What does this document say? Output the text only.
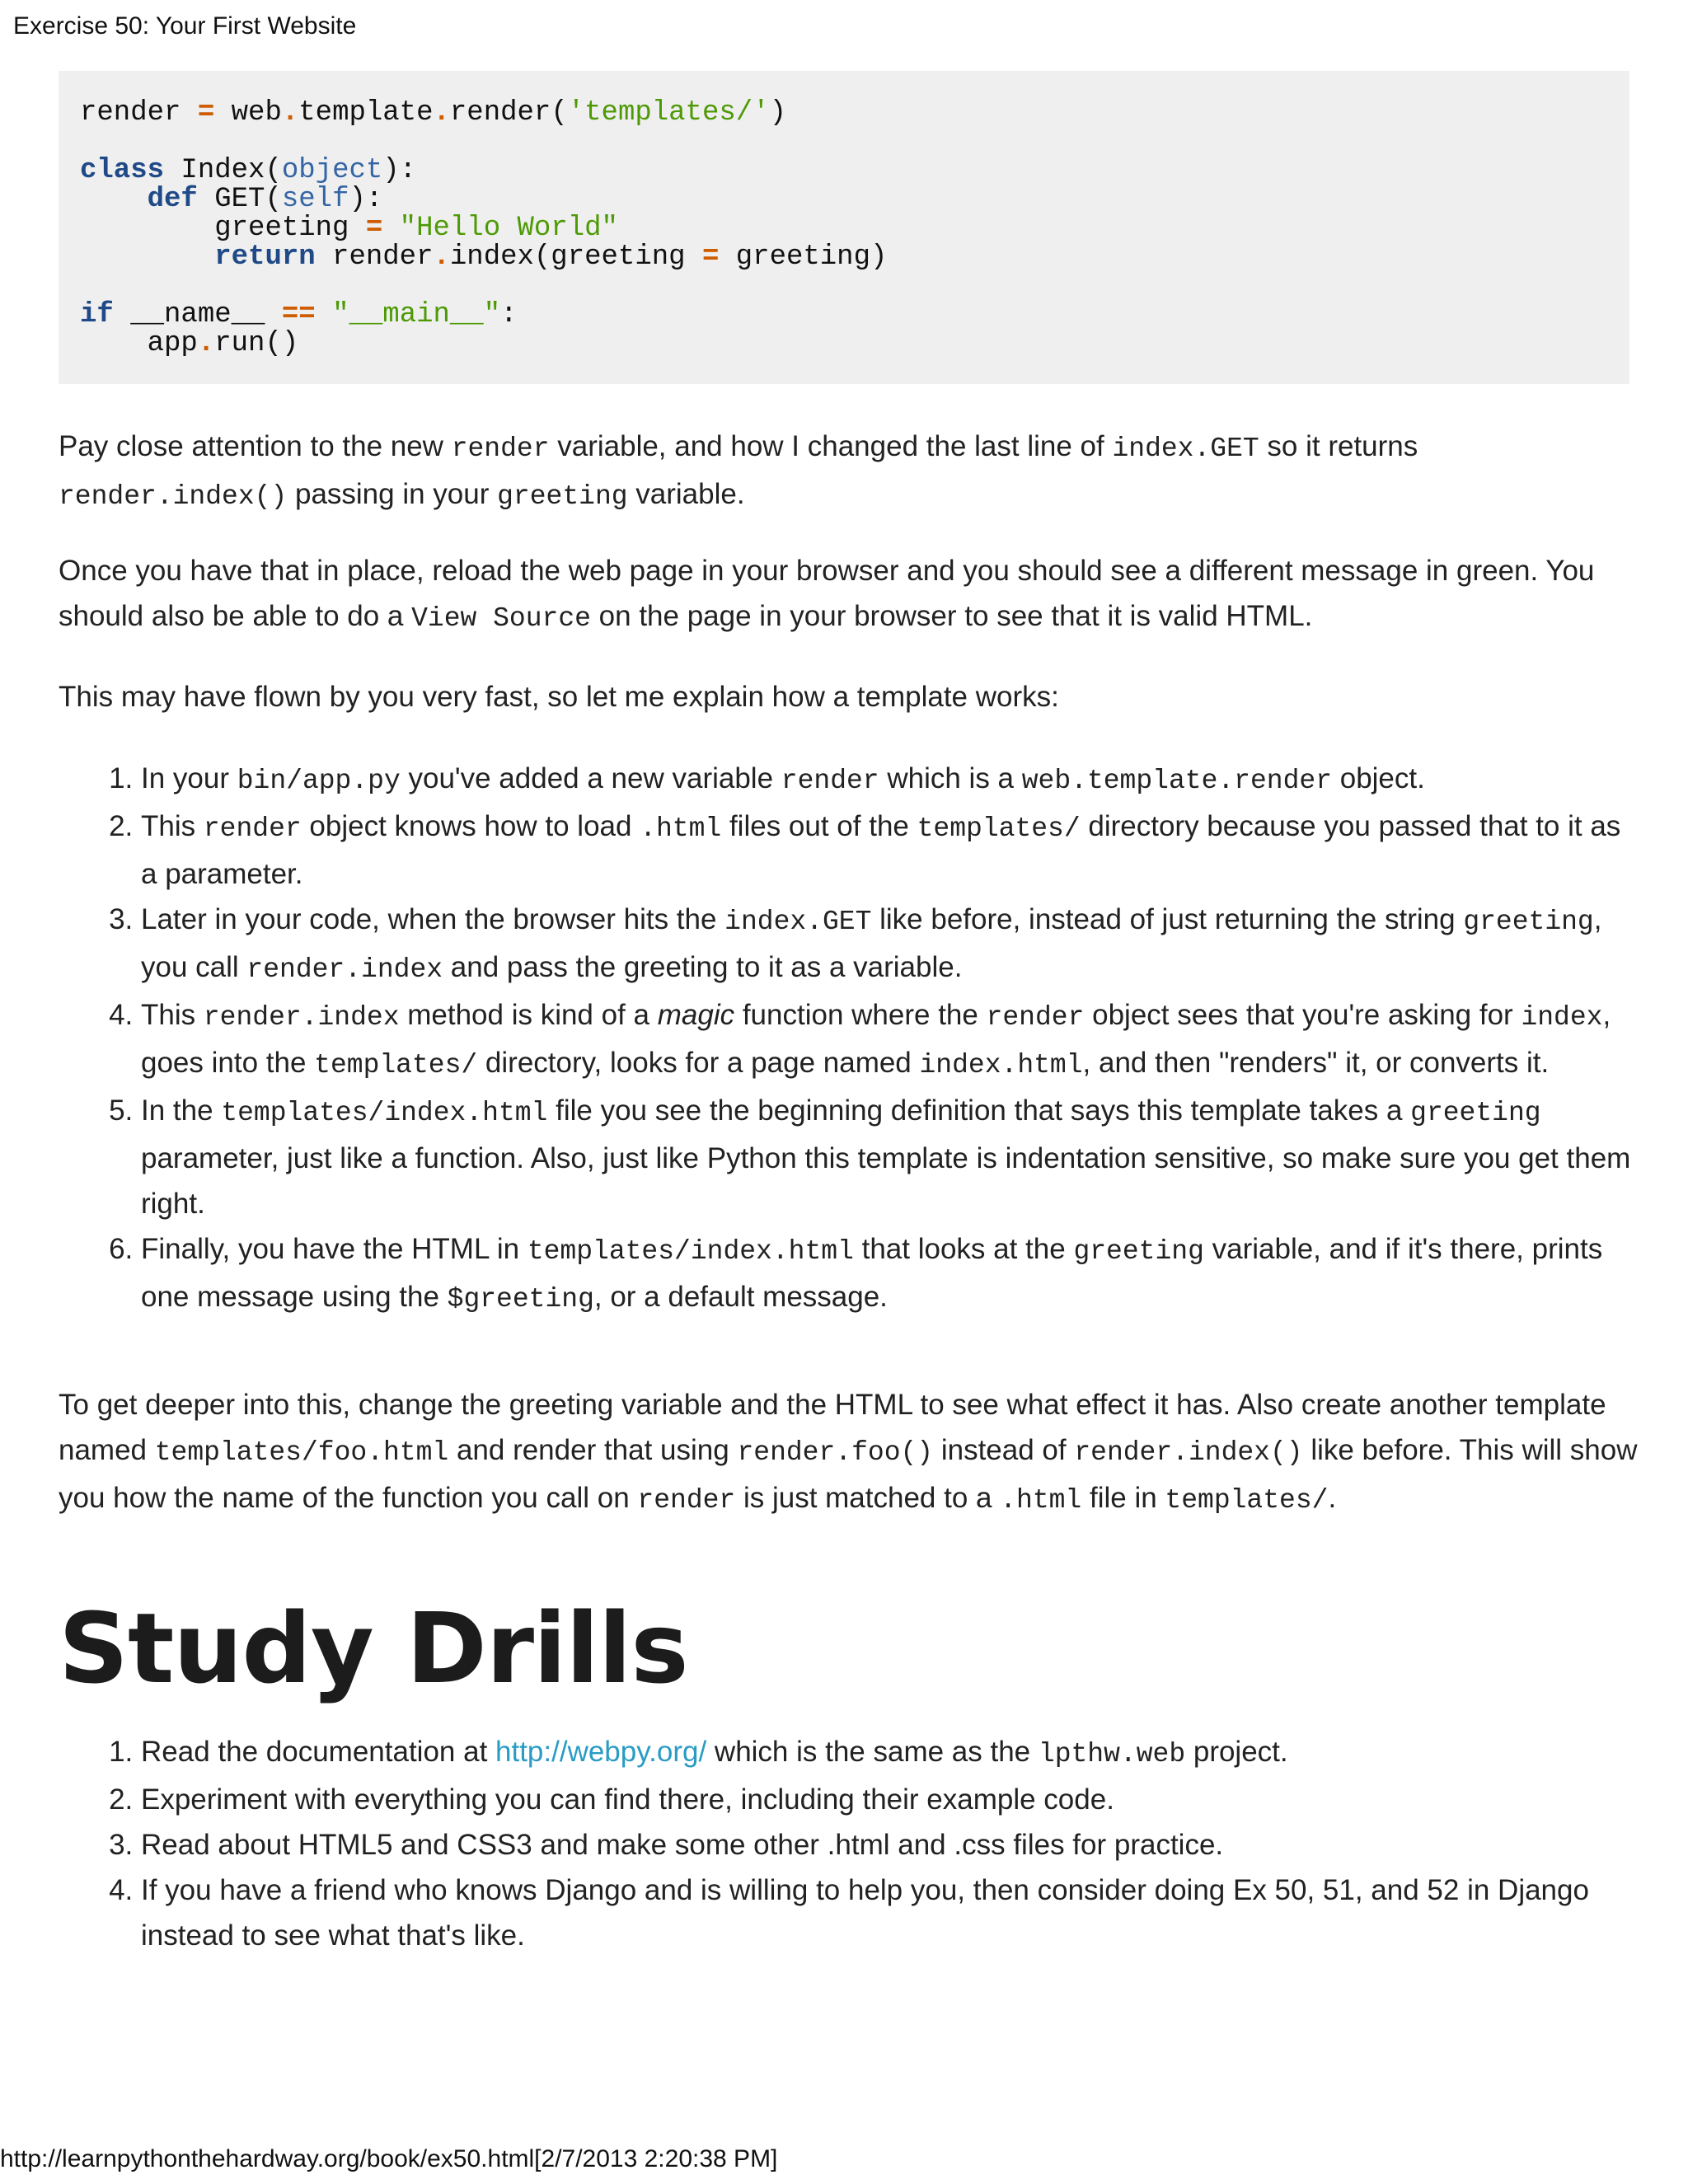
Exercise 50: Your First Website
render = web.template.render('templates/')
class Index(object):
def GET(self):
greeting = "Hello World"
return render.index(greeting = greeting)
if __name__ == "__main__":
app.run()

Pay close attention to the new render variable, and how I changed the last line of index.GET so it returns render.index() passing in your greeting variable.

Once you have that in place, reload the web page in your browser and you should see a different message in green. You should also be able to do a View Source on the page in your browser to see that it is valid HTML.

This may have flown by you very fast, so let me explain how a template works:

1. In your bin/app.py you've added a new variable render which is a web.template.render object.
2. This render object knows how to load .html files out of the templates/ directory because you passed that to it as a parameter.
3. Later in your code, when the browser hits the index.GET like before, instead of just returning the string greeting, you call render.index and pass the greeting to it as a variable.
4. This render.index method is kind of a magic function where the render object sees that you're asking for index, goes into the templates/ directory, looks for a page named index.html, and then "renders" it, or converts it.
5. In the templates/index.html file you see the beginning definition that says this template takes a greeting parameter, just like a function. Also, just like Python this template is indentation sensitive, so make sure you get them right.
6. Finally, you have the HTML in templates/index.html that looks at the greeting variable, and if it's there, prints one message using the $greeting, or a default message.

To get deeper into this, change the greeting variable and the HTML to see what effect it has. Also create another template named templates/foo.html and render that using render.foo() instead of render.index() like before. This will show you how the name of the function you call on render is just matched to a .html file in templates/.

1. Read the documentation at http://webpy.org/ which is the same as the lpthw.web project.
2. Experiment with everything you can find there, including their example code.
3. Read about HTML5 and CSS3 and make some other .html and .css files for practice.
4. If you have a friend who knows Django and is willing to help you, then consider doing Ex 50, 51, and 52 in Django instead to see what that's like.
Study Drills
http://learnpythonthehardway.org/book/ex50.html[2/7/2013 2:20:38 PM]
